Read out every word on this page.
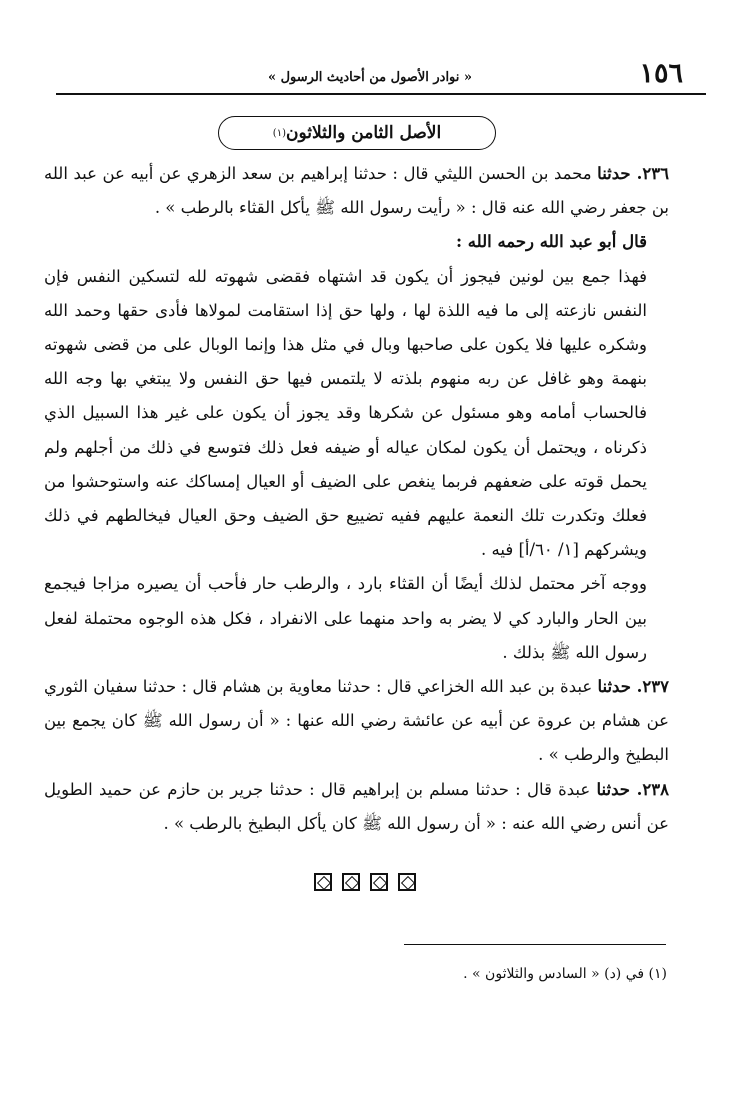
١٥٦
« نوادر الأصول من أحاديث الرسول »
الأصل الثامن والثلاثون
(١)

٢٣٦. حدثنا محمد بن الحسن الليثي قال : حدثنا إبراهيم بن سعد الزهري عن أبيه عن عبد الله بن جعفر رضي الله عنه قال : « رأيت رسول الله ﷺ يأكل القثاء بالرطب » .

قال أبو عبد الله رحمه الله :

فهذا جمع بين لونين فيجوز أن يكون قد اشتهاه فقضى شهوته لله لتسكين النفس فإن النفس نازعته إلى ما فيه اللذة لها ، ولها حق إذا استقامت لمولاها فأدى حقها وحمد الله وشكره عليها فلا يكون على صاحبها وبال في مثل هذا وإنما الوبال على من قضى شهوته بنهمة وهو غافل عن ربه منهوم بلذته لا يلتمس فيها حق النفس ولا يبتغي بها وجه الله فالحساب أمامه وهو مسئول عن شكرها وقد يجوز أن يكون على غير هذا السبيل الذي ذكرناه ، ويحتمل أن يكون لمكان عياله أو ضيفه فعل ذلك فتوسع في ذلك من أجلهم ولم يحمل قوته على ضعفهم فربما ينغص على الضيف أو العيال إمساكك عنه واستوحشوا من فعلك وتكدرت تلك النعمة عليهم ففيه تضييع حق الضيف وحق العيال فيخالطهم في ذلك ويشركهم [١/ ٦٠/أ] فيه .

ووجه آخر محتمل لذلك أيضًا أن القثاء بارد ، والرطب حار فأحب أن يصيره مزاجا فيجمع بين الحار والبارد كي لا يضر به واحد منهما على الانفراد ، فكل هذه الوجوه محتملة لفعل رسول الله ﷺ بذلك .

٢٣٧. حدثنا عبدة بن عبد الله الخزاعي قال : حدثنا معاوية بن هشام قال : حدثنا سفيان الثوري عن هشام بن عروة عن أبيه عن عائشة رضي الله عنها : « أن رسول الله ﷺ كان يجمع بين البطيخ والرطب » .

٢٣٨. حدثنا عبدة قال : حدثنا مسلم بن إبراهيم قال : حدثنا جرير بن حازم عن حميد الطويل عن أنس رضي الله عنه : « أن رسول الله ﷺ كان يأكل البطيخ بالرطب » .

(١) في (د) « السادس والثلاثون » .
